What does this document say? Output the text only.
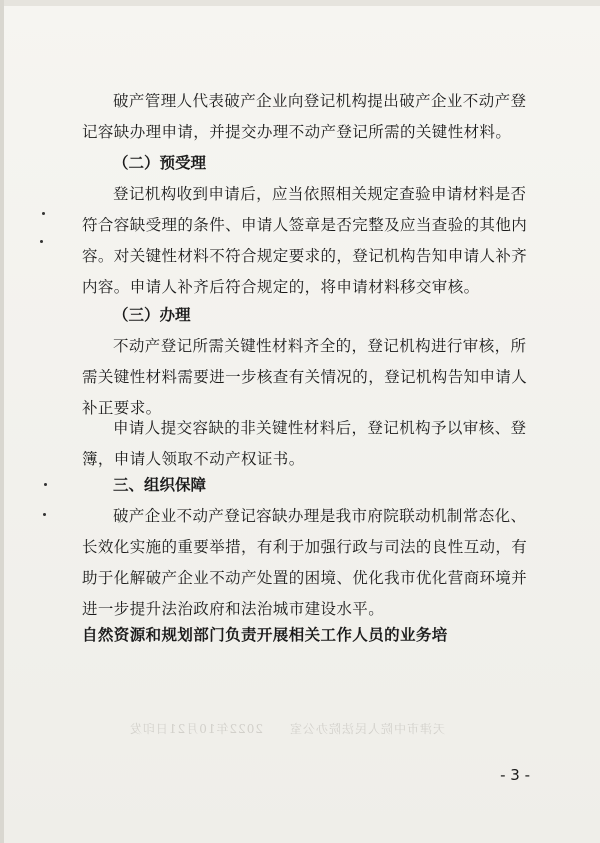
破产管理人代表破产企业向登记机构提出破产企业不动产登记容缺办理申请，并提交办理不动产登记所需的关键性材料。

（二）预受理

登记机构收到申请后，应当依照相关规定查验申请材料是否符合容缺受理的条件、申请人签章是否完整及应当查验的其他内容。对关键性材料不符合规定要求的，登记机构告知申请人补齐内容。申请人补齐后符合规定的，将申请材料移交审核。

（三）办理

不动产登记所需关键性材料齐全的，登记机构进行审核，所需关键性材料需要进一步核查有关情况的，登记机构告知申请人补正要求。

申请人提交容缺的非关键性材料后，登记机构予以审核、登簿，申请人领取不动产权证书。

三、组织保障

破产企业不动产登记容缺办理是我市府院联动机制常态化、长效化实施的重要举措，有利于加强行政与司法的良性互动，有助于化解破产企业不动产处置的困境、优化我市优化营商环境并进一步提升法治政府和法治城市建设水平。

自然资源和规划部门负责开展相关工作人员的业务培

天津市中院人民法院办公室　　2022年10月21日印发
- 3 -
